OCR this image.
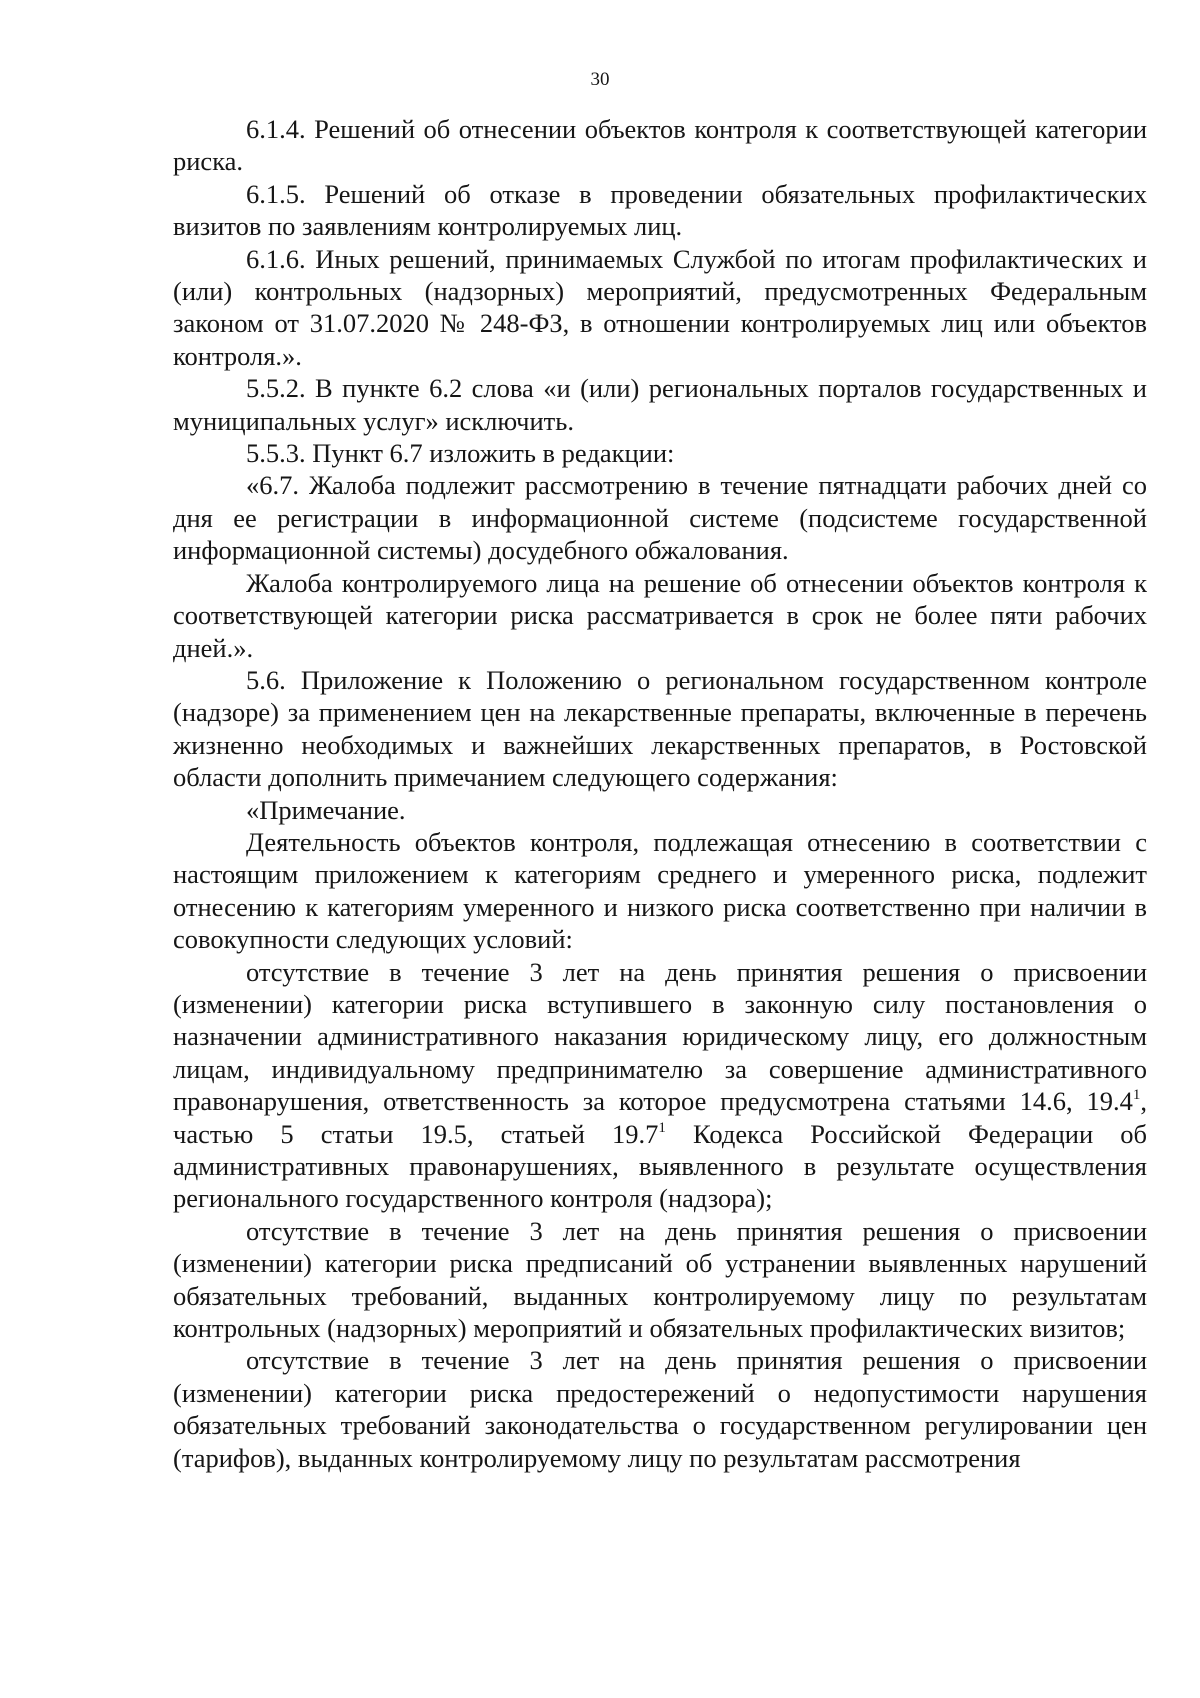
30

6.1.4. Решений об отнесении объектов контроля к соответствующей категории риска.

6.1.5. Решений об отказе в проведении обязательных профилактических визитов по заявлениям контролируемых лиц.

6.1.6. Иных решений, принимаемых Службой по итогам профилактических и (или) контрольных (надзорных) мероприятий, предусмотренных Федеральным законом от 31.07.2020 № 248-ФЗ, в отношении контролируемых лиц или объектов контроля.».

5.5.2. В пункте 6.2 слова «и (или) региональных порталов государственных и муниципальных услуг» исключить.

5.5.3. Пункт 6.7 изложить в редакции:

«6.7. Жалоба подлежит рассмотрению в течение пятнадцати рабочих дней со дня ее регистрации в информационной системе (подсистеме государственной информационной системы) досудебного обжалования.

Жалоба контролируемого лица на решение об отнесении объектов контроля к соответствующей категории риска рассматривается в срок не более пяти рабочих дней.».

5.6. Приложение к Положению о региональном государственном контроле (надзоре) за применением цен на лекарственные препараты, включенные в перечень жизненно необходимых и важнейших лекарственных препаратов, в Ростовской области дополнить примечанием следующего содержания:

«Примечание.

Деятельность объектов контроля, подлежащая отнесению в соответствии с настоящим приложением к категориям среднего и умеренного риска, подлежит отнесению к категориям умеренного и низкого риска соответственно при наличии в совокупности следующих условий:

отсутствие в течение 3 лет на день принятия решения о присвоении (изменении) категории риска вступившего в законную силу постановления о назначении административного наказания юридическому лицу, его должностным лицам, индивидуальному предпринимателю за совершение административного правонарушения, ответственность за которое предусмотрена статьями 14.6, 19.4$^1$, частью 5 статьи 19.5, статьей 19.7$^1$ Кодекса Российской Федерации об административных правонарушениях, выявленного в результате осуществления регионального государственного контроля (надзора);

отсутствие в течение 3 лет на день принятия решения о присвоении (изменении) категории риска предписаний об устранении выявленных нарушений обязательных требований, выданных контролируемому лицу по результатам контрольных (надзорных) мероприятий и обязательных профилактических визитов;

отсутствие в течение 3 лет на день принятия решения о присвоении (изменении) категории риска предостережений о недопустимости нарушения обязательных требований законодательства о государственном регулировании цен (тарифов), выданных контролируемому лицу по результатам рассмотрения
